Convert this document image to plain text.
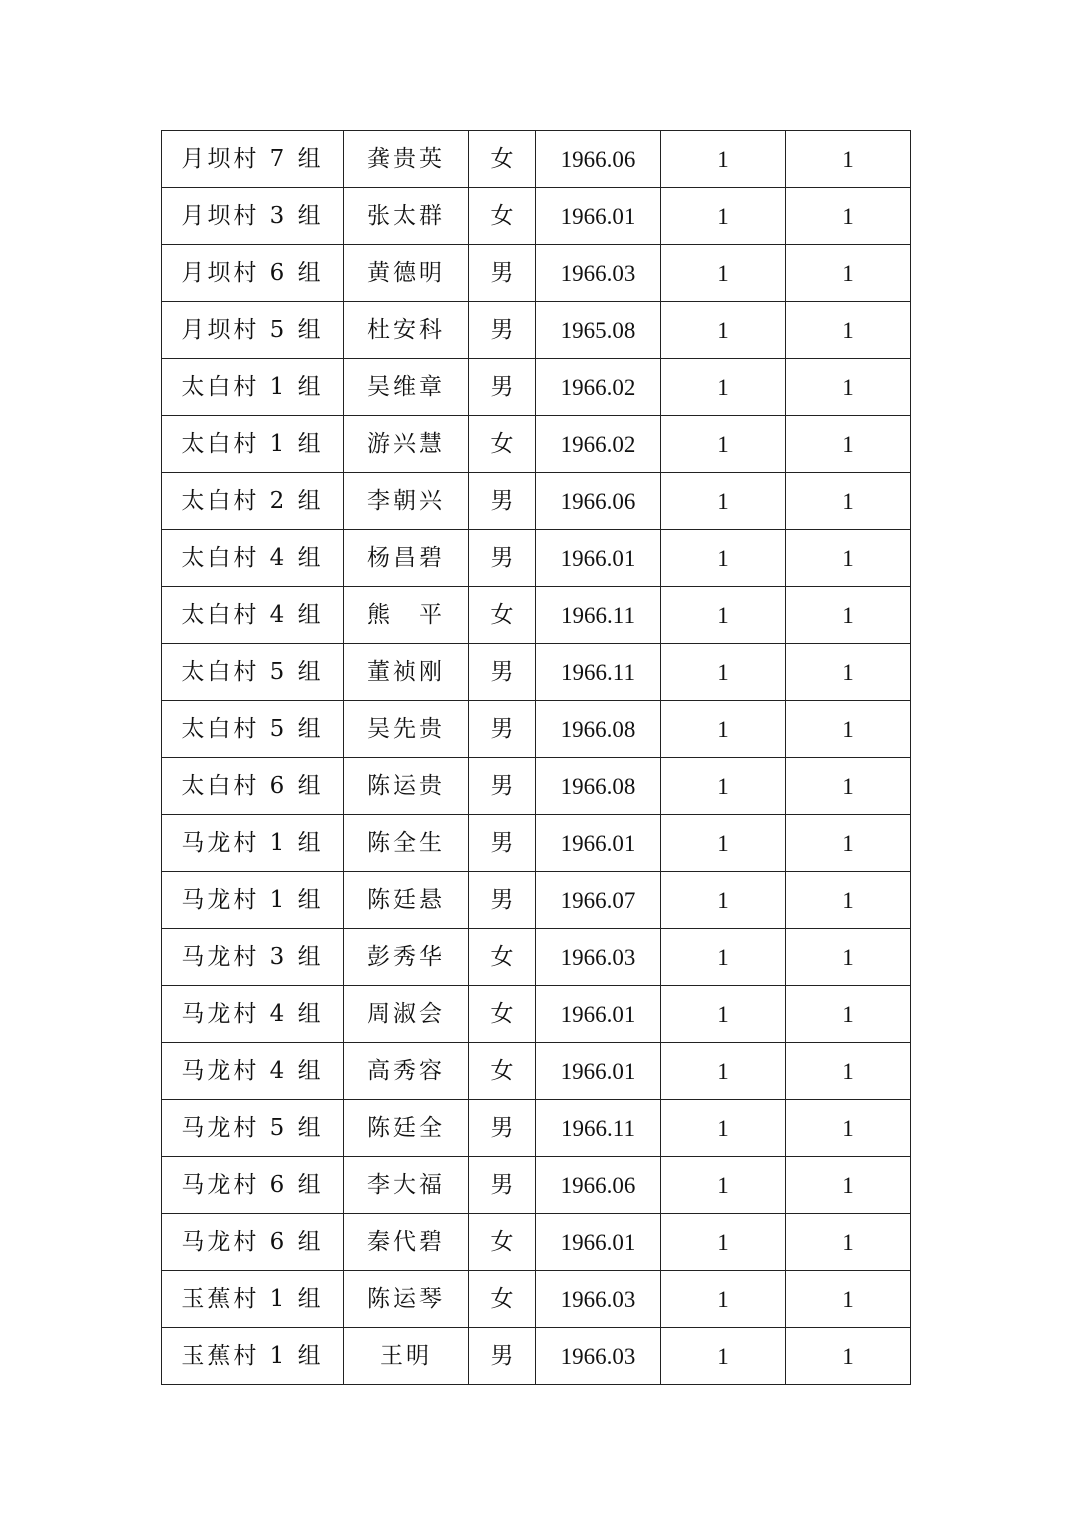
月坝村 7 组	龚贵英	女	1966.06	1	1
月坝村 3 组	张太群	女	1966.01	1	1
月坝村 6 组	黄德明	男	1966.03	1	1
月坝村 5 组	杜安科	男	1965.08	1	1
太白村 1 组	吴维章	男	1966.02	1	1
太白村 1 组	游兴慧	女	1966.02	1	1
太白村 2 组	李朝兴	男	1966.06	1	1
太白村 4 组	杨昌碧	男	1966.01	1	1
太白村 4 组	熊　平	女	1966.11	1	1
太白村 5 组	董祯刚	男	1966.11	1	1
太白村 5 组	吴先贵	男	1966.08	1	1
太白村 6 组	陈运贵	男	1966.08	1	1
马龙村 1 组	陈全生	男	1966.01	1	1
马龙村 1 组	陈廷悬	男	1966.07	1	1
马龙村 3 组	彭秀华	女	1966.03	1	1
马龙村 4 组	周淑会	女	1966.01	1	1
马龙村 4 组	高秀容	女	1966.01	1	1
马龙村 5 组	陈廷全	男	1966.11	1	1
马龙村 6 组	李大福	男	1966.06	1	1
马龙村 6 组	秦代碧	女	1966.01	1	1
玉蕉村 1 组	陈运琴	女	1966.03	1	1
玉蕉村 1 组	王明	男	1966.03	1	1
